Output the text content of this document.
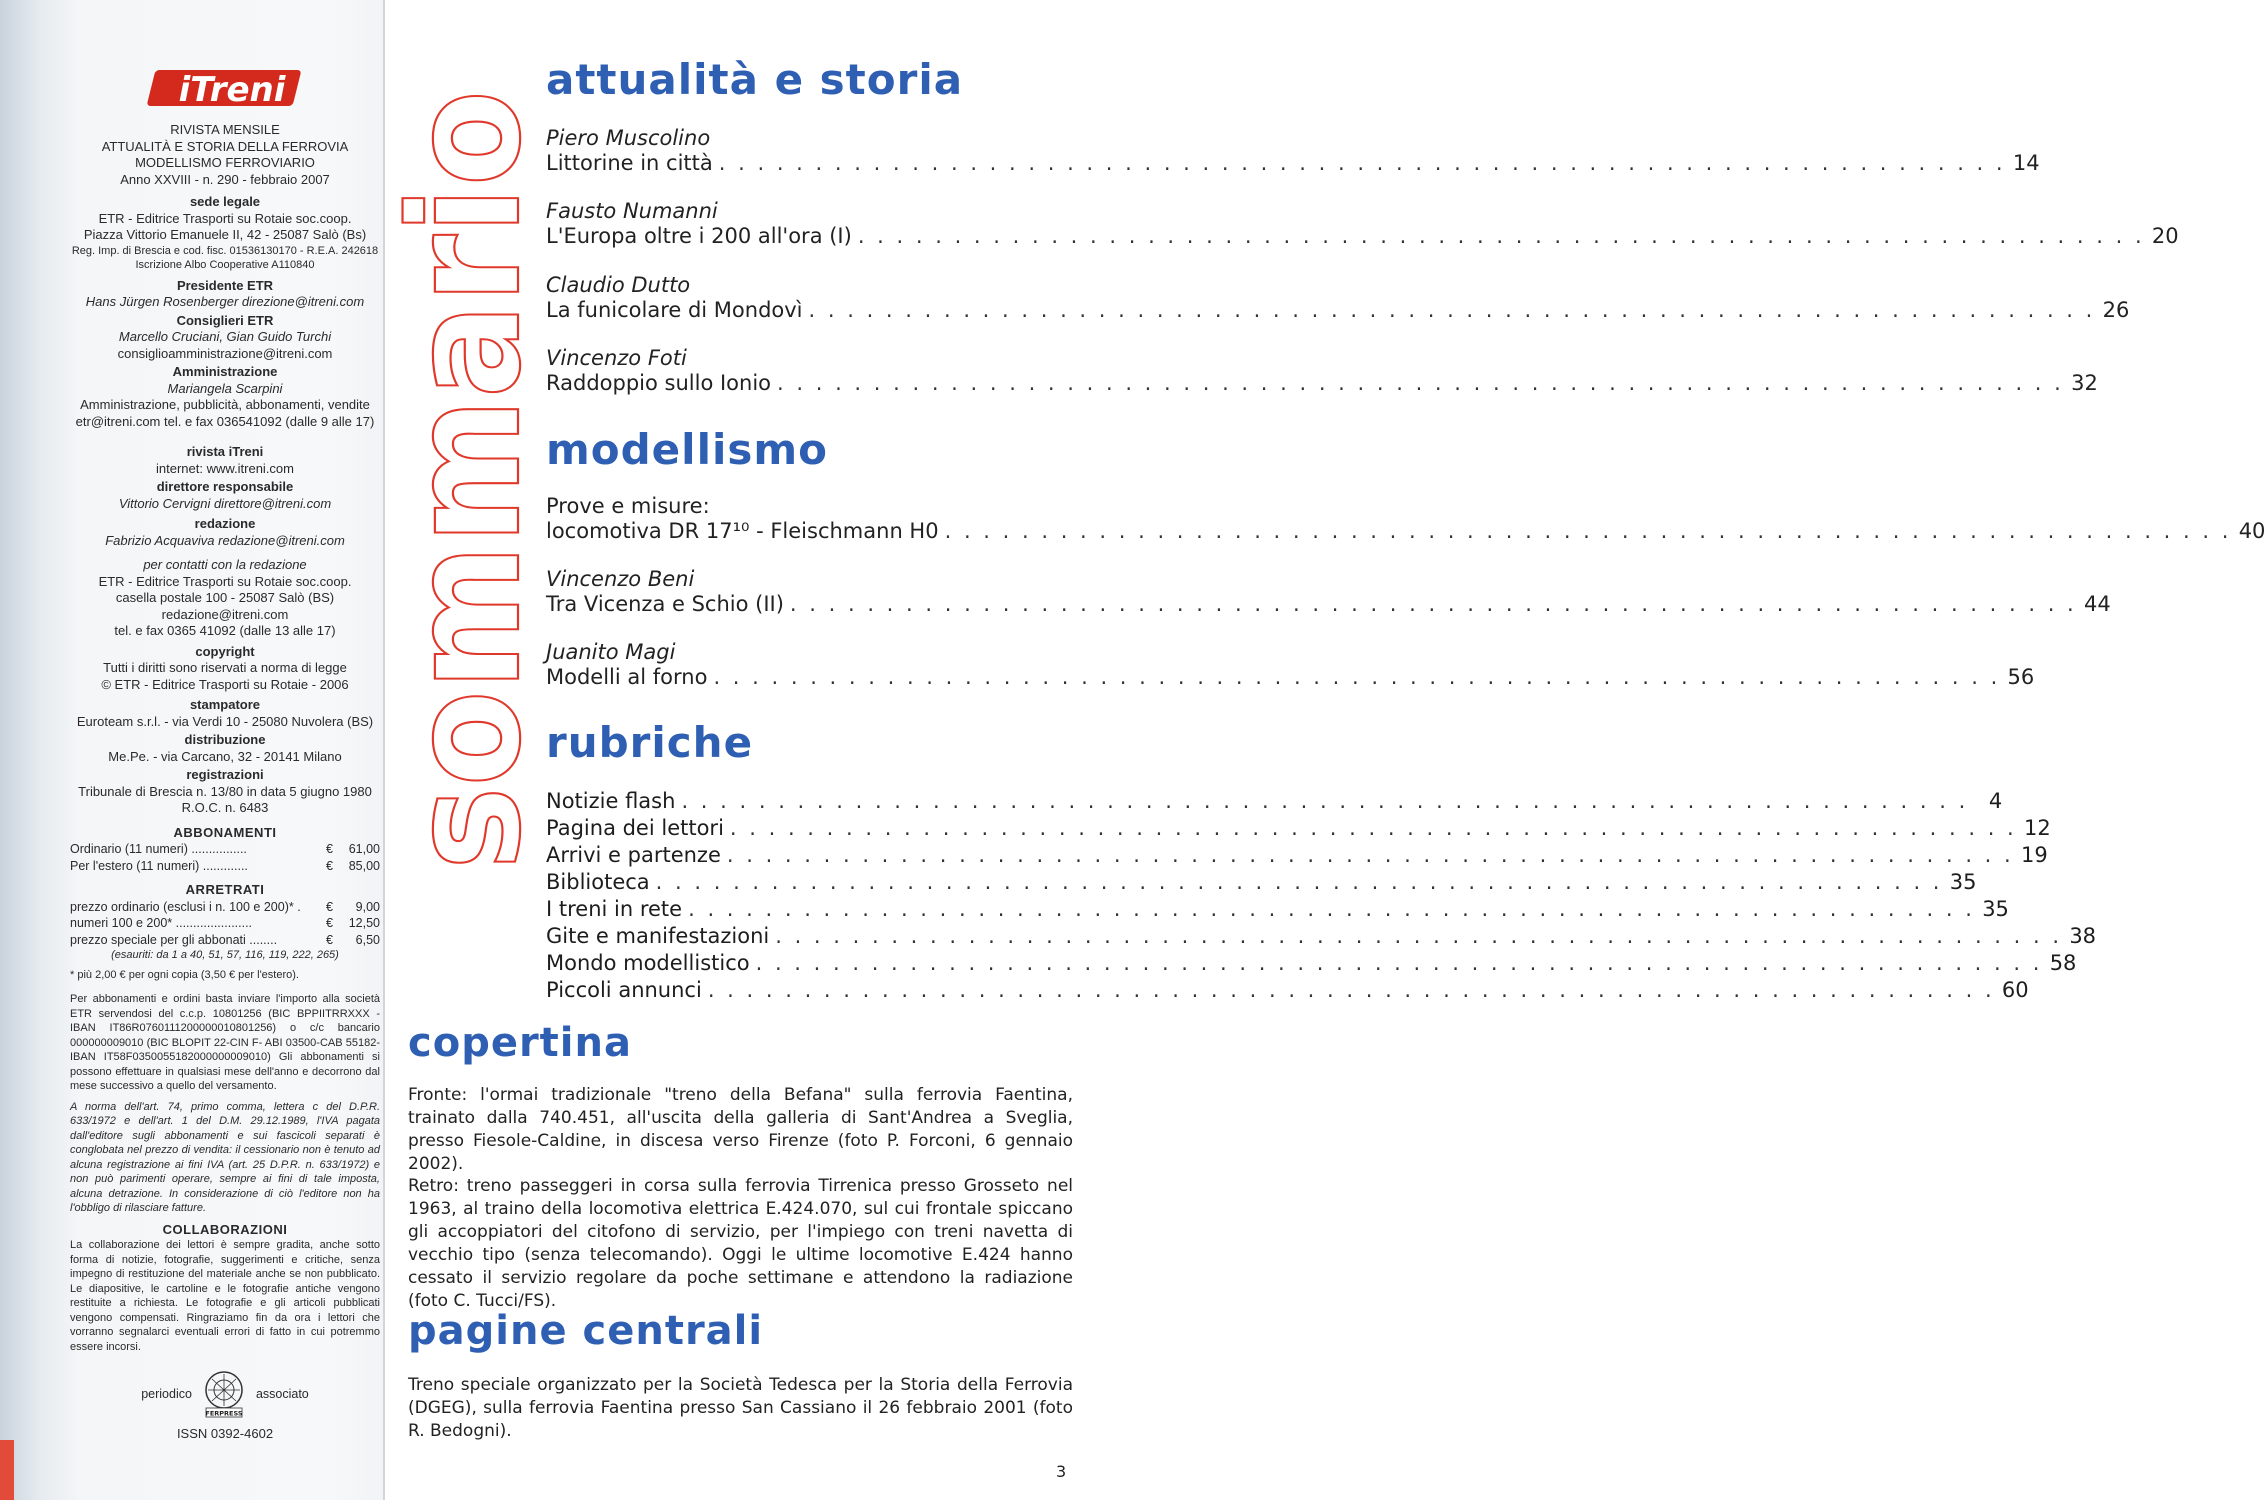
iTreni
RIVISTA MENSILE
ATTUALITÀ E STORIA DELLA FERROVIA
MODELLISMO FERROVIARIO
Anno XXVIII - n. 290 - febbraio 2007
sede legale
ETR - Editrice Trasporti su Rotaie soc.coop.
Piazza Vittorio Emanuele II, 42 - 25087 Salò (Bs)
Reg. Imp. di Brescia e cod. fisc. 01536130170 - R.E.A. 242618
Iscrizione Albo Cooperative A110840
Presidente ETR
Hans Jürgen Rosenberger direzione@itreni.com
Consiglieri ETR
Marcello Cruciani, Gian Guido Turchi
consiglioamministrazione@itreni.com
Amministrazione
Mariangela Scarpini
Amministrazione, pubblicità, abbonamenti, vendite
etr@itreni.com tel. e fax 036541092 (dalle 9 alle 17)
rivista iTreni
internet: www.itreni.com
direttore responsabile
Vittorio Cervigni direttore@itreni.com
redazione
Fabrizio Acquaviva redazione@itreni.com
per contatti con la redazione
ETR - Editrice Trasporti su Rotaie soc.coop.
casella postale 100 - 25087 Salò (BS)
redazione@itreni.com
tel. e fax 0365 41092 (dalle 13 alle 17)
copyright
Tutti i diritti sono riservati a norma di legge
© ETR - Editrice Trasporti su Rotaie - 2006
stampatore
Euroteam s.r.l. - via Verdi 10 - 25080 Nuvolera (BS)
distribuzione
Me.Pe. - via Carcano, 32 - 20141 Milano
registrazioni
Tribunale di Brescia n. 13/80 in data 5 giugno 1980
R.O.C. n. 6483
ABBONAMENTI
Ordinario (11 numeri) ................	€	61,00
Per l'estero (11 numeri) .............	€	85,00
ARRETRATI
prezzo ordinario (esclusi i n. 100 e 200)* .	€	9,00
numeri 100 e 200* ......................	€	12,50
prezzo speciale per gli abbonati ........	€	6,50
(esauriti: da 1 a 40, 51, 57, 116, 119, 222, 265)
* più 2,00 € per ogni copia (3,50 € per l'estero).
Per abbonamenti e ordini basta inviare l'importo alla società ETR servendosi del c.c.p. 10801256 (BIC BPPIITRRXXX - IBAN IT86R0760111200000010801256) o c/c bancario 000000009010 (BIC BLOPIT 22-CIN F- ABI 03500-CAB 55182-IBAN IT58F0350055182000000009010) Gli abbonamenti si possono effettuare in qualsiasi mese dell'anno e decorrono dal mese successivo a quello del versamento.
A norma dell'art. 74, primo comma, lettera c del D.P.R. 633/1972 e dell'art. 1 del D.M. 29.12.1989, l'IVA pagata dall'editore sugli abbonamenti e sui fascicoli separati è conglobata nel prezzo di vendita: il cessionario non è tenuto ad alcuna registrazione ai fini IVA (art. 25 D.P.R. n. 633/1972) e non può parimenti operare, sempre ai fini di tale imposta, alcuna detrazione. In considerazione di ciò l'editore non ha l'obbligo di rilasciare fatture.
COLLABORAZIONI
La collaborazione dei lettori è sempre gradita, anche sotto forma di notizie, fotografie, suggerimenti e critiche, senza impegno di restituzione del materiale anche se non pubblicato. Le diapositive, le cartoline e le fotografie antiche vengono restituite a richiesta. Le fotografie e gli articoli pubblicati vengono compensati. Ringraziamo fin da ora i lettori che vorranno segnalarci eventuali errori di fatto in cui potremmo essere incorsi.
periodico
FERPRESS
associato
ISSN 0392-4602
sommario
attualità e storia
Piero Muscolino
Littorine in città . . .	14
Fausto Numanni
L'Europa oltre i 200 all'ora (I) . . .	20
Claudio Dutto
La funicolare di Mondovì . . .	26
Vincenzo Foti
Raddoppio sullo Ionio . . .	32
modellismo
Prove e misure:
locomotiva DR 17¹⁰ - Fleischmann H0 . . .	40
Vincenzo Beni
Tra Vicenza e Schio (II) . . .	44
Juanito Magi
Modelli al forno . . .	56
rubriche
Notizie flash . . .	4
Pagina dei lettori . . .	12
Arrivi e partenze . . .	19
Biblioteca . . .	35
I treni in rete . . .	35
Gite e manifestazioni . . .	38
Mondo modellistico . . .	58
Piccoli annunci . . .	60
copertina
Fronte: l'ormai tradizionale "treno della Befana" sulla ferrovia Faentina, trainato dalla 740.451, all'uscita della galleria di Sant'Andrea a Sveglia, presso Fiesole-Caldine, in discesa verso Firenze (foto P. Forconi, 6 gennaio 2002).
Retro: treno passeggeri in corsa sulla ferrovia Tirrenica presso Grosseto nel 1963, al traino della locomotiva elettrica E.424.070, sul cui frontale spiccano gli accoppiatori del citofono di servizio, per l'impiego con treni navetta di vecchio tipo (senza telecomando). Oggi le ultime locomotive E.424 hanno cessato il servizio regolare da poche settimane e attendono la radiazione (foto C. Tucci/FS).
pagine centrali
Treno speciale organizzato per la Società Tedesca per la Storia della Ferrovia (DGEG), sulla ferrovia Faentina presso San Cassiano il 26 febbraio 2001 (foto R. Bedogni).
3
